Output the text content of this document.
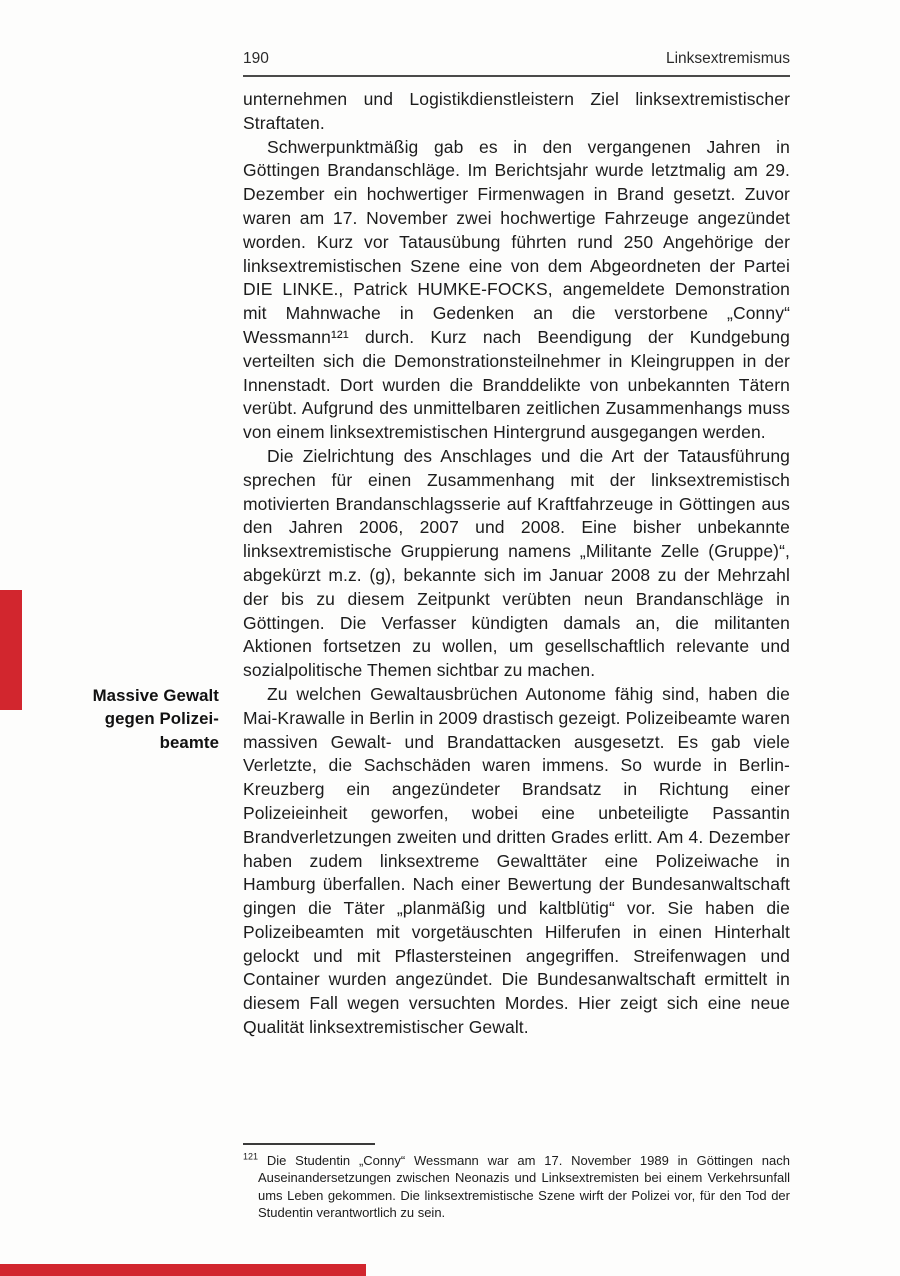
190	Linksextremismus

unternehmen und Logistikdienstleistern Ziel linksextremistischer Straftaten.

Schwerpunktmäßig gab es in den vergangenen Jahren in Göttingen Brandanschläge. Im Berichtsjahr wurde letztmalig am 29. Dezember ein hochwertiger Firmenwagen in Brand gesetzt. Zuvor waren am 17. November zwei hochwertige Fahrzeuge angezündet worden. Kurz vor Tatausübung führten rund 250 Angehörige der linksextremistischen Szene eine von dem Abgeordneten der Partei DIE LINKE., Patrick HUMKE-FOCKS, angemeldete Demonstration mit Mahnwache in Gedenken an die verstorbene „Conny“ Wessmann¹²¹ durch. Kurz nach Beendigung der Kundgebung verteilten sich die Demonstrationsteilnehmer in Kleingruppen in der Innenstadt. Dort wurden die Branddelikte von unbekannten Tätern verübt. Aufgrund des unmittelbaren zeitlichen Zusammenhangs muss von einem linksextremistischen Hintergrund ausgegangen werden.

Die Zielrichtung des Anschlages und die Art der Tatausführung sprechen für einen Zusammenhang mit der linksextremistisch motivierten Brandanschlagsserie auf Kraftfahrzeuge in Göttingen aus den Jahren 2006, 2007 und 2008. Eine bisher unbekannte linksextremistische Gruppierung namens „Militante Zelle (Gruppe)“, abgekürzt m.z. (g), bekannte sich im Januar 2008 zu der Mehrzahl der bis zu diesem Zeitpunkt verübten neun Brandanschläge in Göttingen. Die Verfasser kündigten damals an, die militanten Aktionen fortsetzen zu wollen, um gesellschaftlich relevante und sozialpolitische Themen sichtbar zu machen.

Massive Gewalt
gegen Polizei-
beamte

Zu welchen Gewaltausbrüchen Autonome fähig sind, haben die Mai-Krawalle in Berlin in 2009 drastisch gezeigt. Polizeibeamte waren massiven Gewalt- und Brandattacken ausgesetzt. Es gab viele Verletzte, die Sachschäden waren immens. So wurde in Berlin-Kreuzberg ein angezündeter Brandsatz in Richtung einer Polizeieinheit geworfen, wobei eine unbeteiligte Passantin Brandverletzungen zweiten und dritten Grades erlitt. Am 4. Dezember haben zudem linksextreme Gewalttäter eine Polizeiwache in Hamburg überfallen. Nach einer Bewertung der Bundesanwaltschaft gingen die Täter „planmäßig und kaltblütig“ vor. Sie haben die Polizeibeamten mit vorgetäuschten Hilferufen in einen Hinterhalt gelockt und mit Pflastersteinen angegriffen. Streifenwagen und Container wurden angezündet. Die Bundesanwaltschaft ermittelt in diesem Fall wegen versuchten Mordes. Hier zeigt sich eine neue Qualität linksextremistischer Gewalt.

$^{121}$ Die Studentin „Conny“ Wessmann war am 17. November 1989 in Göttingen nach Auseinandersetzungen zwischen Neonazis und Linksextremisten bei einem Verkehrsunfall ums Leben gekommen. Die linksextremistische Szene wirft der Polizei vor, für den Tod der Studentin verantwortlich zu sein.
